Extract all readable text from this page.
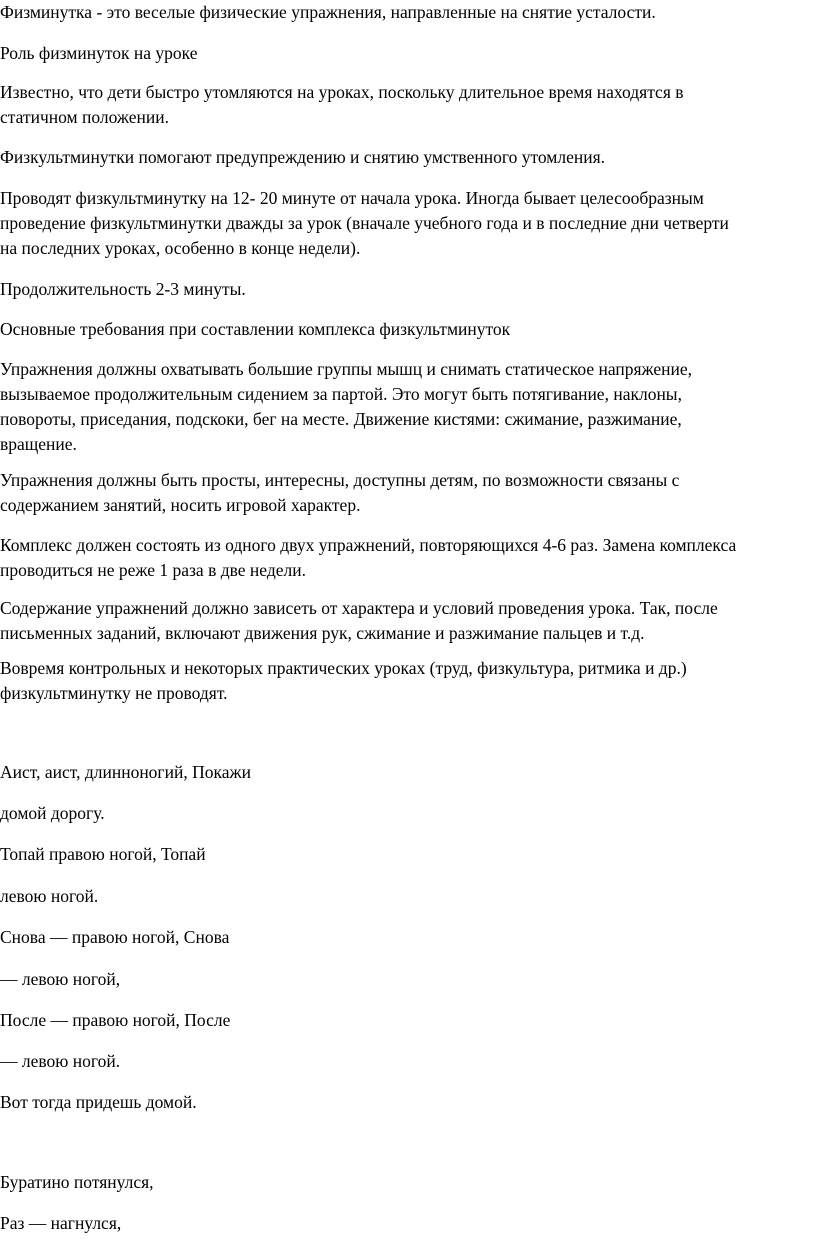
Физминутка - это веселые физические упражнения, направленные на снятие усталости.
Роль физминуток на уроке
Известно, что дети быстро утомляются на уроках, поскольку длительное время находятся в
статичном положении.
Физкультминутки помогают предупреждению и снятию умственного утомления.
Проводят физкультминутку на 12- 20 минуте от начала урока. Иногда бывает целесообразным
проведение физкультминутки дважды за урок (вначале учебного года и в последние дни четверти
на последних уроках, особенно в конце недели).
Продолжительность 2-3 минуты.
Основные требования при составлении комплекса физкультминуток
Упражнения должны охватывать большие группы мышц и снимать статическое напряжение,
вызываемое продолжительным сидением за партой. Это могут быть потягивание, наклоны,
повороты, приседания, подскоки, бег на месте. Движение кистями: сжимание, разжимание,
вращение.
Упражнения должны быть просты, интересны, доступны детям, по возможности связаны с
содержанием занятий, носить игровой характер.
Комплекс должен состоять из одного двух упражнений, повторяющихся 4-6 раз. Замена комплекса
проводиться не реже 1 раза в две недели.
Содержание упражнений должно зависеть от характера и условий проведения урока. Так, после
письменных заданий, включают движения рук, сжимание и разжимание пальцев и т.д.
Вовремя контрольных и некоторых практических уроках (труд, физкультура, ритмика и др.)
физкультминутку не проводят.
Аист, аист, длинноногий, Покажи
домой дорогу.
Топай правою ногой, Топай
левою ногой.
Снова — правою ногой, Снова
— левою ногой,
После — правою ногой, После
— левою ногой.
Вот тогда придешь домой.
Буратино потянулся,
Раз — нагнулся,
